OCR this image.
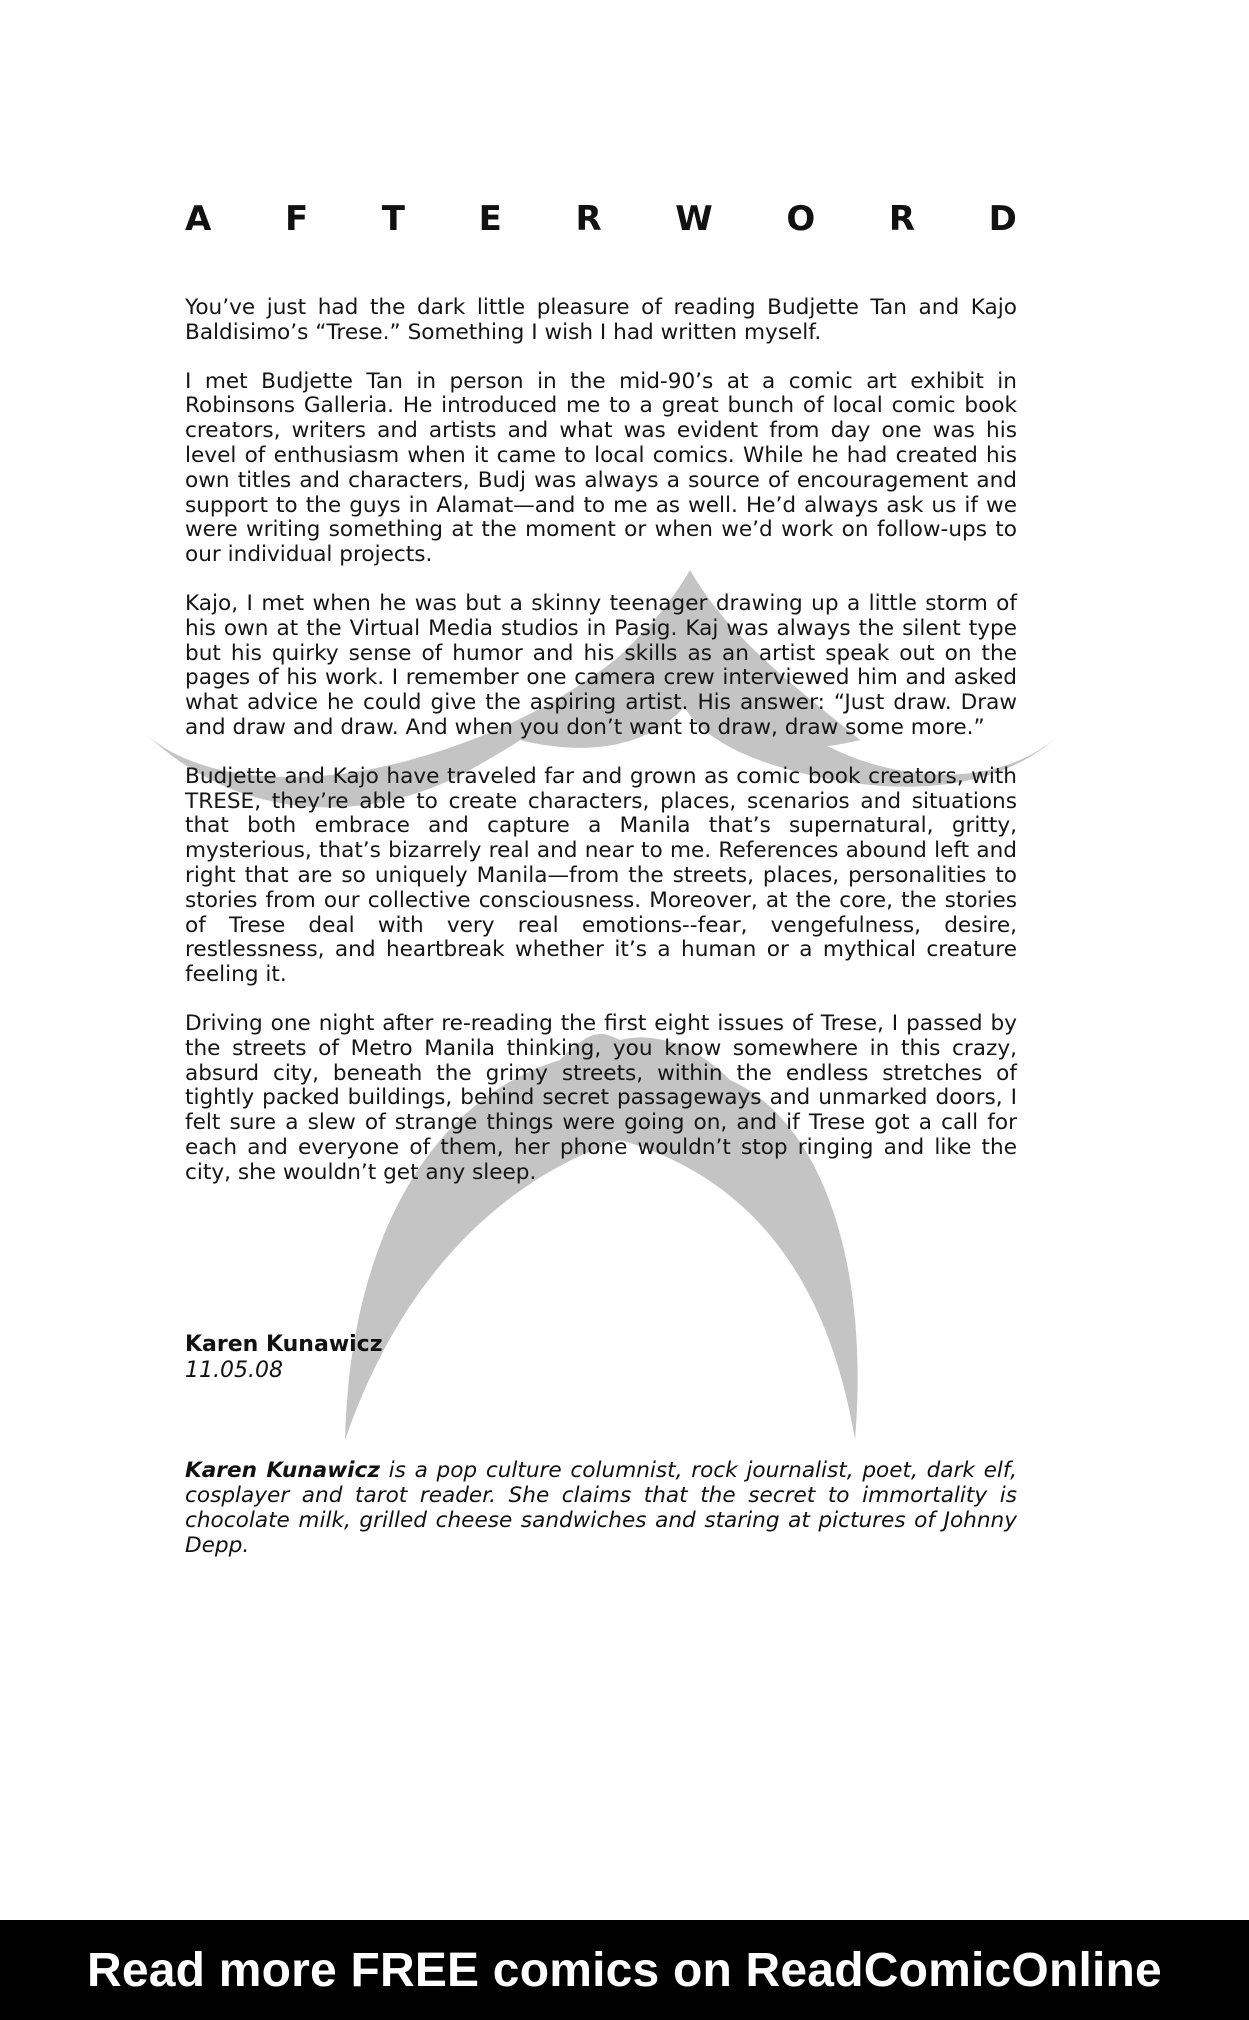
A F T E R W O R D

You’ve just had the dark little pleasure of reading Budjette Tan and Kajo Baldisimo’s “Trese.” Something I wish I had written myself.

I met Budjette Tan in person in the mid-90’s at a comic art exhibit in Robinsons Galleria. He introduced me to a great bunch of local comic book creators, writers and artists and what was evident from day one was his level of enthusiasm when it came to local comics. While he had created his own titles and characters, Budj was always a source of encouragement and support to the guys in Alamat—and to me as well. He’d always ask us if we were writing something at the moment or when we’d work on follow-ups to our individual projects.

Kajo, I met when he was but a skinny teenager drawing up a little storm of his own at the Virtual Media studios in Pasig. Kaj was always the silent type but his quirky sense of humor and his skills as an artist speak out on the pages of his work. I remember one camera crew interviewed him and asked what advice he could give the aspiring artist. His answer: “Just draw. Draw and draw and draw. And when you don’t want to draw, draw some more.”

Budjette and Kajo have traveled far and grown as comic book creators, with TRESE, they’re able to create characters, places, scenarios and situations that both embrace and capture a Manila that’s supernatural, gritty, mysterious, that’s bizarrely real and near to me. References abound left and right that are so uniquely Manila—from the streets, places, personalities to stories from our collective consciousness. Moreover, at the core, the stories of Trese deal with very real emotions--fear, vengefulness, desire, restlessness, and heartbreak whether it’s a human or a mythical creature feeling it.

Driving one night after re-reading the first eight issues of Trese, I passed by the streets of Metro Manila thinking, you know somewhere in this crazy, absurd city, beneath the grimy streets, within the endless stretches of tightly packed buildings, behind secret passageways and unmarked doors, I felt sure a slew of strange things were going on, and if Trese got a call for each and everyone of them, her phone wouldn’t stop ringing and like the city, she wouldn’t get any sleep.

Karen Kunawicz

11.05.08

Karen Kunawicz is a pop culture columnist, rock journalist, poet, dark elf, cosplayer and tarot reader. She claims that the secret to immortality is chocolate milk, grilled cheese sandwiches and staring at pictures of Johnny Depp.

Read more FREE comics on ReadComicOnline
